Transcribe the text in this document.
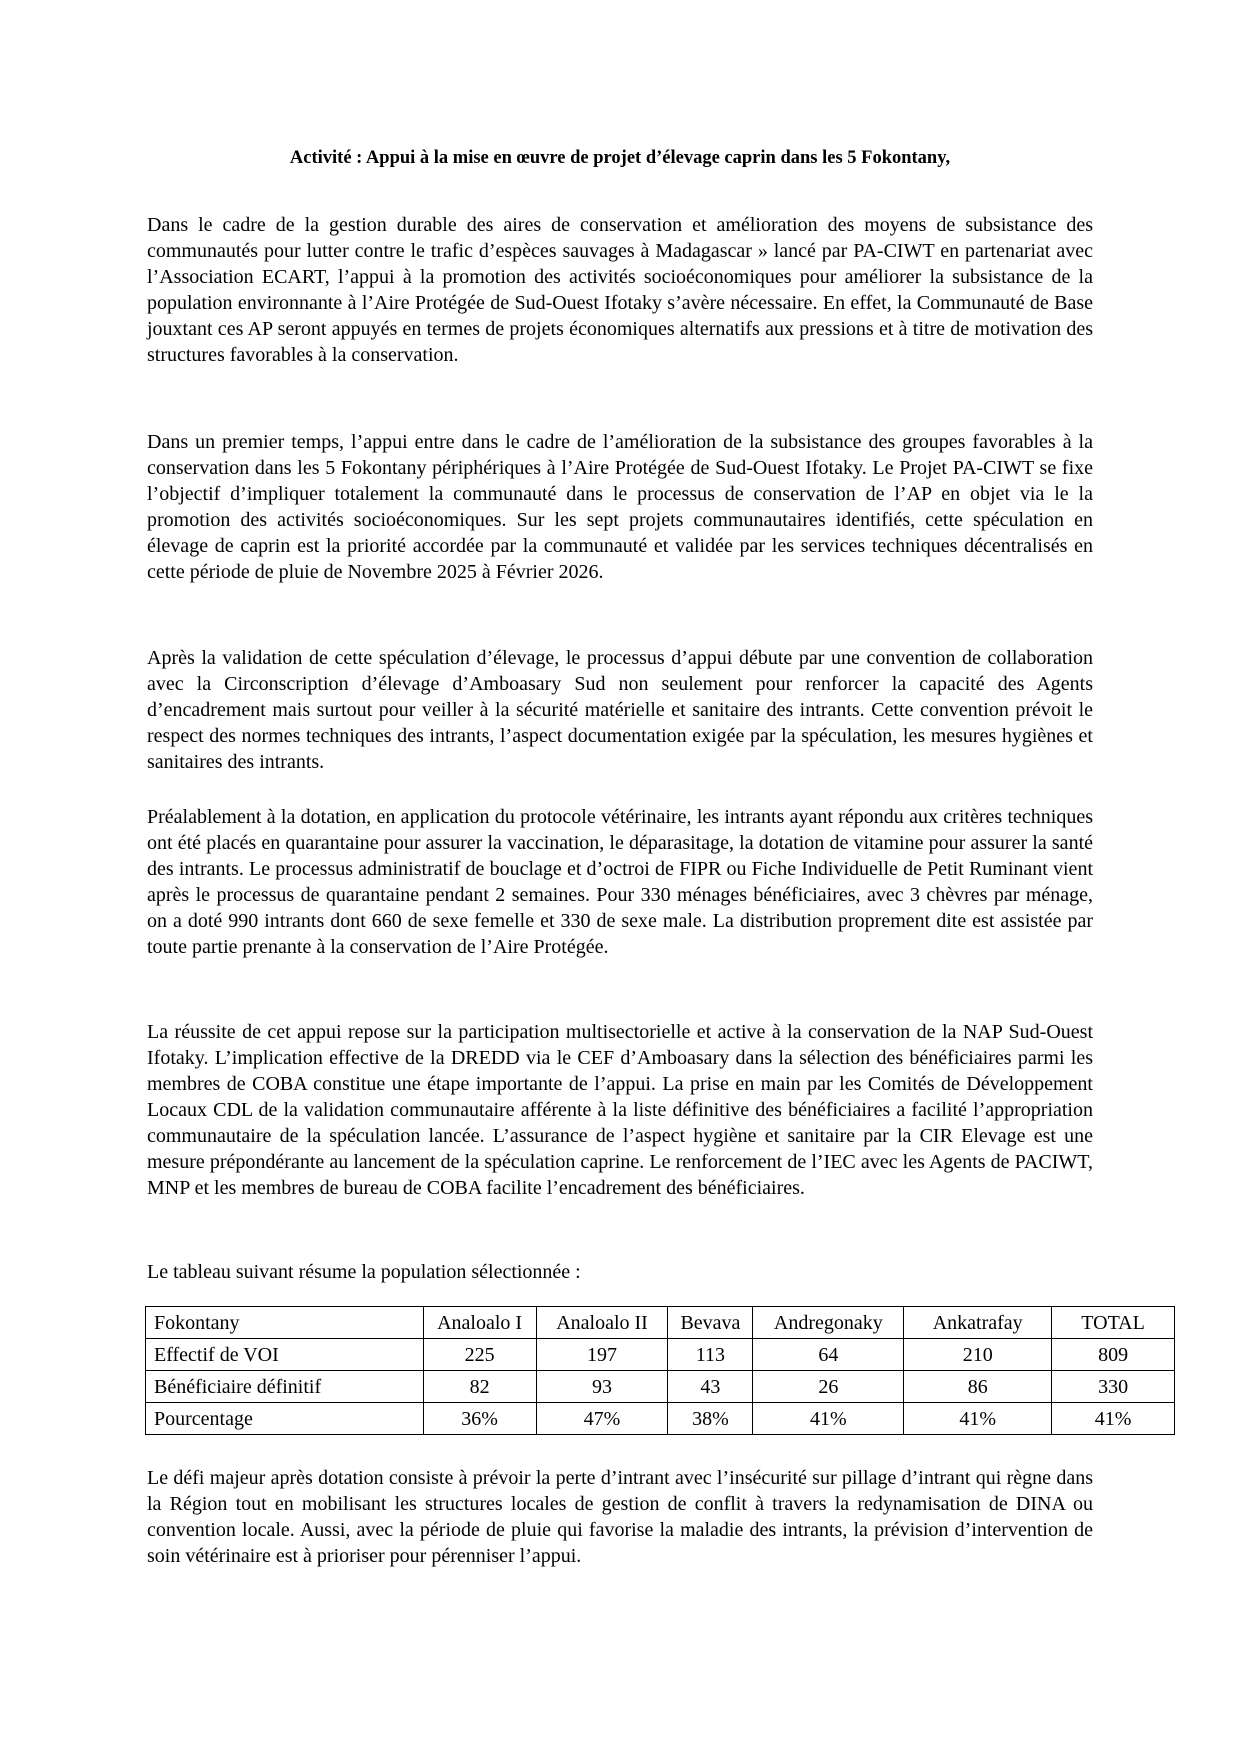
Activité : Appui à la mise en œuvre de projet d’élevage caprin dans les 5 Fokontany,

Dans le cadre de la gestion durable des aires de conservation et amélioration des moyens de subsistance des communautés pour lutter contre le trafic d’espèces sauvages à Madagascar » lancé par PA-CIWT en partenariat avec l’Association ECART, l’appui à la promotion des activités socioéconomiques pour améliorer la subsistance de la population environnante à l’Aire Protégée de Sud-Ouest Ifotaky s’avère nécessaire. En effet, la Communauté de Base jouxtant ces AP seront appuyés en termes de projets économiques alternatifs aux pressions et à titre de motivation des structures favorables à la conservation.

Dans un premier temps, l’appui entre dans le cadre de l’amélioration de la subsistance des groupes favorables à la conservation dans les 5 Fokontany périphériques à l’Aire Protégée de Sud-Ouest Ifotaky. Le Projet PA-CIWT se fixe l’objectif d’impliquer totalement la communauté dans le processus de conservation de l’AP en objet via le la promotion des activités socioéconomiques. Sur les sept projets communautaires identifiés, cette spéculation en élevage de caprin est la priorité accordée par la communauté et validée par les services techniques décentralisés en cette période de pluie de Novembre 2025 à Février 2026.

Après la validation de cette spéculation d’élevage, le processus d’appui débute par une convention de collaboration avec la Circonscription d’élevage d’Amboasary Sud non seulement pour renforcer la capacité des Agents d’encadrement mais surtout pour veiller à la sécurité matérielle et sanitaire des intrants. Cette convention prévoit le respect des normes techniques des intrants, l’aspect documentation exigée par la spéculation, les mesures hygiènes et sanitaires des intrants.

Préalablement à la dotation, en application du protocole vétérinaire, les intrants ayant répondu aux critères techniques ont été placés en quarantaine pour assurer la vaccination, le déparasitage, la dotation de vitamine pour assurer la santé des intrants. Le processus administratif de bouclage et d’octroi de FIPR ou Fiche Individuelle de Petit Ruminant vient après le processus de quarantaine pendant 2 semaines. Pour 330 ménages bénéficiaires, avec 3 chèvres par ménage, on a doté 990 intrants dont 660 de sexe femelle et 330 de sexe male. La distribution proprement dite est assistée par toute partie prenante à la conservation de l’Aire Protégée.

La réussite de cet appui repose sur la participation multisectorielle et active à la conservation de la NAP Sud-Ouest Ifotaky. L’implication effective de la DREDD via le CEF d’Amboasary dans la sélection des bénéficiaires parmi les membres de COBA constitue une étape importante de l’appui. La prise en main par les Comités de Développement Locaux CDL de la validation communautaire afférente à la liste définitive des bénéficiaires a facilité l’appropriation communautaire de la spéculation lancée. L’assurance de l’aspect hygiène et sanitaire par la CIR Elevage est une mesure prépondérante au lancement de la spéculation caprine. Le renforcement de l’IEC avec les Agents de PACIWT, MNP et les membres de bureau de COBA facilite l’encadrement des bénéficiaires.

Le tableau suivant résume la population sélectionnée :

Fokontany	Analoalo I	Analoalo II	Bevava	Andregonaky	Ankatrafay	TOTAL
Effectif de VOI	225	197	113	64	210	809
Bénéficiaire définitif	82	93	43	26	86	330
Pourcentage	36%	47%	38%	41%	41%	41%

Le défi majeur après dotation consiste à prévoir la perte d’intrant avec l’insécurité sur pillage d’intrant qui règne dans la Région tout en mobilisant les structures locales de gestion de conflit à travers la redynamisation de DINA ou convention locale. Aussi, avec la période de pluie qui favorise la maladie des intrants, la prévision d’intervention de soin vétérinaire est à prioriser pour pérenniser l’appui.
